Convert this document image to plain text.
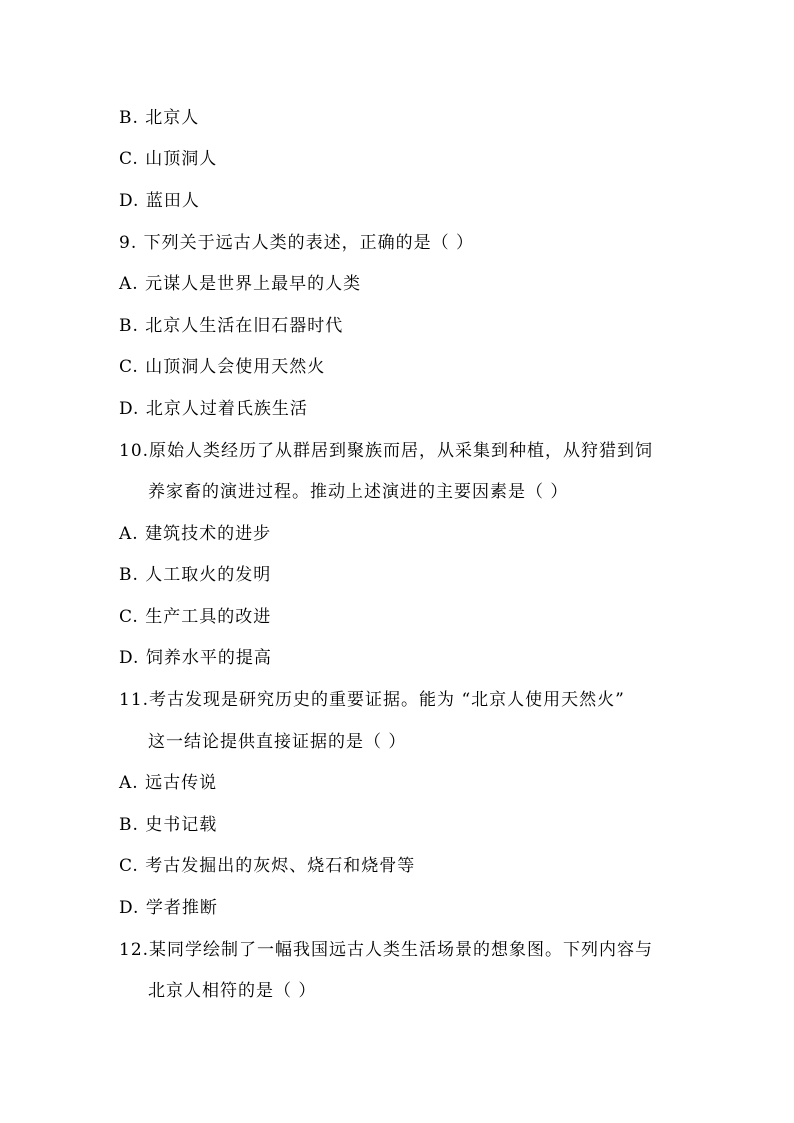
B. 北京人
C. 山顶洞人
D. 蓝田人
9. 下列关于远古人类的表述，正确的是（ ）
A. 元谋人是世界上最早的人类
B. 北京人生活在旧石器时代
C. 山顶洞人会使用天然火
D. 北京人过着氏族生活
10.原始人类经历了从群居到聚族而居，从采集到种植，从狩猎到饲
养家畜的演进过程。推动上述演进的主要因素是（ ）
A. 建筑技术的进步
B. 人工取火的发明
C. 生产工具的改进
D. 饲养水平的提高
11.考古发现是研究历史的重要证据。能为 “北京人使用天然火”
这一结论提供直接证据的是（ ）
A. 远古传说
B. 史书记载
C. 考古发掘出的灰烬、烧石和烧骨等
D. 学者推断
12.某同学绘制了一幅我国远古人类生活场景的想象图。下列内容与
北京人相符的是（ ）
